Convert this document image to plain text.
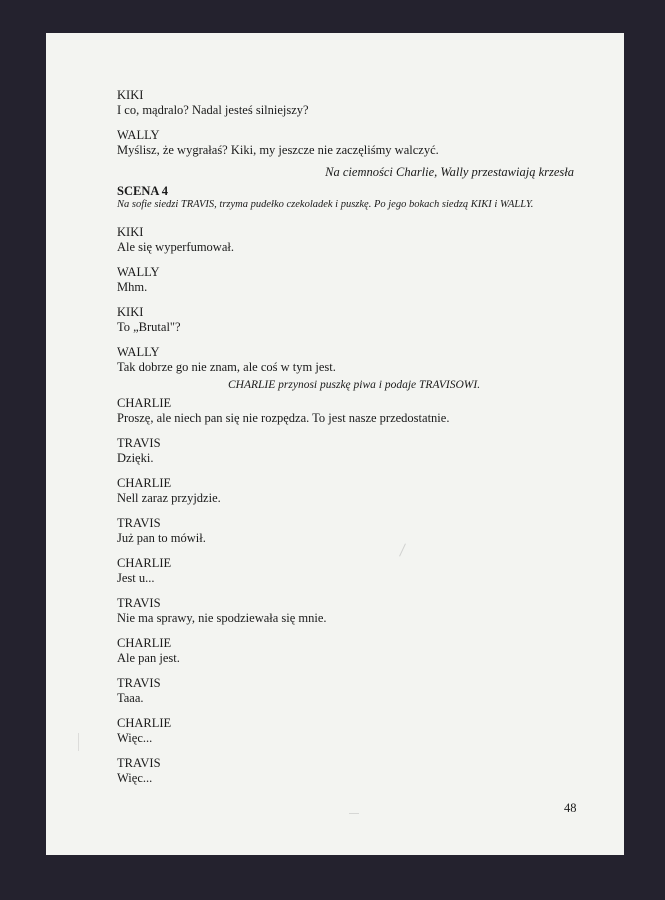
KIKI
I co, mądralo? Nadal jesteś silniejszy?
WALLY
Myślisz, że wygrałaś? Kiki, my jeszcze nie zaczęliśmy walczyć.
Na ciemności Charlie, Wally przestawiają krzesła
SCENA 4
Na sofie siedzi TRAVIS, trzyma pudełko czekoladek i puszkę. Po jego bokach siedzą KIKI i WALLY.
KIKI
Ale się wyperfumował.
WALLY
Mhm.
KIKI
To „Brutal"?
WALLY
Tak dobrze go nie znam, ale coś w tym jest.
CHARLIE przynosi puszkę piwa i podaje TRAVISOWI.
CHARLIE
Proszę, ale niech pan się nie rozpędza. To jest nasze przedostatnie.
TRAVIS
Dzięki.
CHARLIE
Nell zaraz przyjdzie.
TRAVIS
Już pan to mówił.
CHARLIE
Jest u...
TRAVIS
Nie ma sprawy, nie spodziewała się mnie.
CHARLIE
Ale pan jest.
TRAVIS
Taaa.
CHARLIE
Więc...
TRAVIS
Więc...
48
